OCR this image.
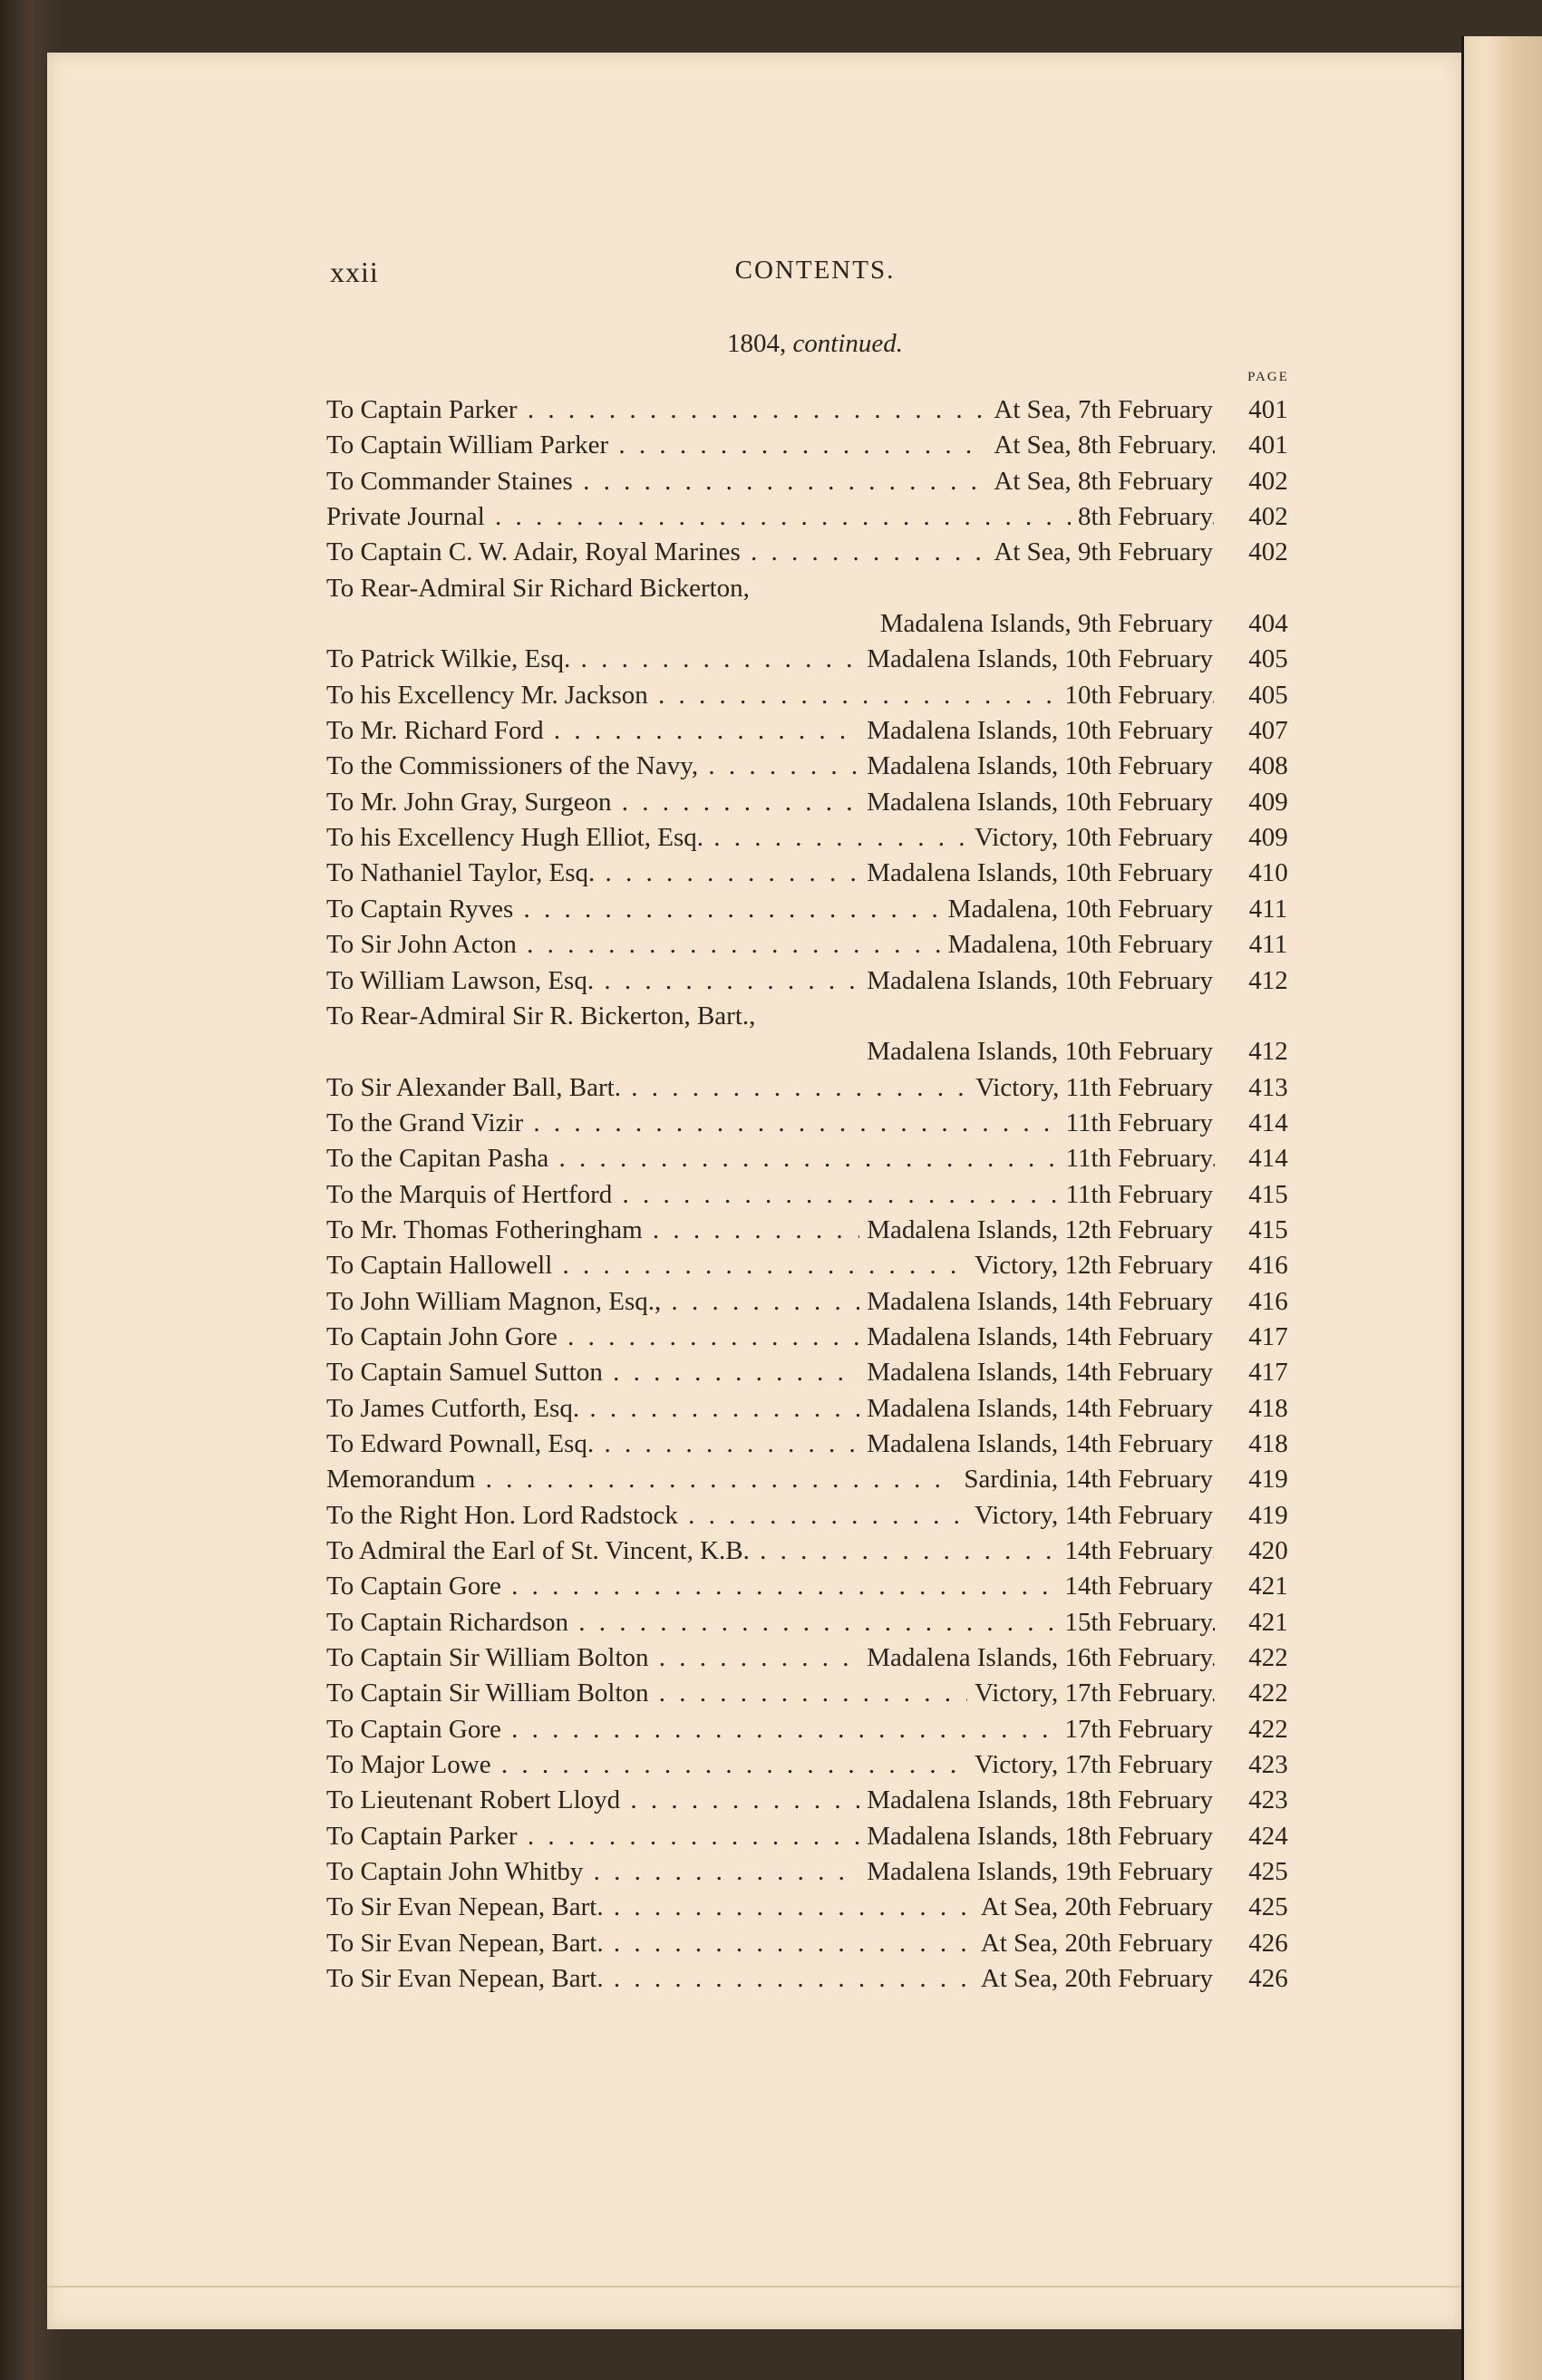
xxii	CONTENTS.
1804, continued.
PAGE
To Captain Parker . . .	At Sea, 7th February	401
To Captain William Parker . . .	At Sea, 8th February	401
To Commander Staines . . .	At Sea, 8th February	402
Private Journal . . .	8th February	402
To Captain C. W. Adair, Royal Marines . . .	At Sea, 9th February	402
To Rear-Admiral Sir Richard Bickerton,
Madalena Islands, 9th February	404
To Patrick Wilkie, Esq. . . .	Madalena Islands, 10th February	405
To his Excellency Mr. Jackson . . .	10th February	405
To Mr. Richard Ford . . .	Madalena Islands, 10th February	407
To the Commissioners of the Navy, . . .	Madalena Islands, 10th February	408
To Mr. John Gray, Surgeon . . .	Madalena Islands, 10th February	409
To his Excellency Hugh Elliot, Esq. . . .	Victory, 10th February	409
To Nathaniel Taylor, Esq. . . .	Madalena Islands, 10th February	410
To Captain Ryves . . .	Madalena, 10th February	411
To Sir John Acton . . .	Madalena, 10th February	411
To William Lawson, Esq. . . .	Madalena Islands, 10th February	412
To Rear-Admiral Sir R. Bickerton, Bart.,
Madalena Islands, 10th February	412
To Sir Alexander Ball, Bart. . . .	Victory, 11th February	413
To the Grand Vizir . . .	11th February	414
To the Capitan Pasha . . .	11th February	414
To the Marquis of Hertford . . .	11th February	415
To Mr. Thomas Fotheringham . . .	Madalena Islands, 12th February	415
To Captain Hallowell . . .	Victory, 12th February	416
To John William Magnon, Esq., . . .	Madalena Islands, 14th February	416
To Captain John Gore . . .	Madalena Islands, 14th February	417
To Captain Samuel Sutton . . .	Madalena Islands, 14th February	417
To James Cutforth, Esq. . . .	Madalena Islands, 14th February	418
To Edward Pownall, Esq. . . .	Madalena Islands, 14th February	418
Memorandum . . .	Sardinia, 14th February	419
To the Right Hon. Lord Radstock . . .	Victory, 14th February	419
To Admiral the Earl of St. Vincent, K.B. . . .	14th February	420
To Captain Gore . . .	14th February	421
To Captain Richardson . . .	15th February	421
To Captain Sir William Bolton . . .	Madalena Islands, 16th February	422
To Captain Sir William Bolton . . .	Victory, 17th February	422
To Captain Gore . . .	17th February	422
To Major Lowe . . .	Victory, 17th February	423
To Lieutenant Robert Lloyd . . .	Madalena Islands, 18th February	423
To Captain Parker . . .	Madalena Islands, 18th February	424
To Captain John Whitby . . .	Madalena Islands, 19th February	425
To Sir Evan Nepean, Bart. . . .	At Sea, 20th February	425
To Sir Evan Nepean, Bart. . . .	At Sea, 20th February	426
To Sir Evan Nepean, Bart. . . .	At Sea, 20th February	426
